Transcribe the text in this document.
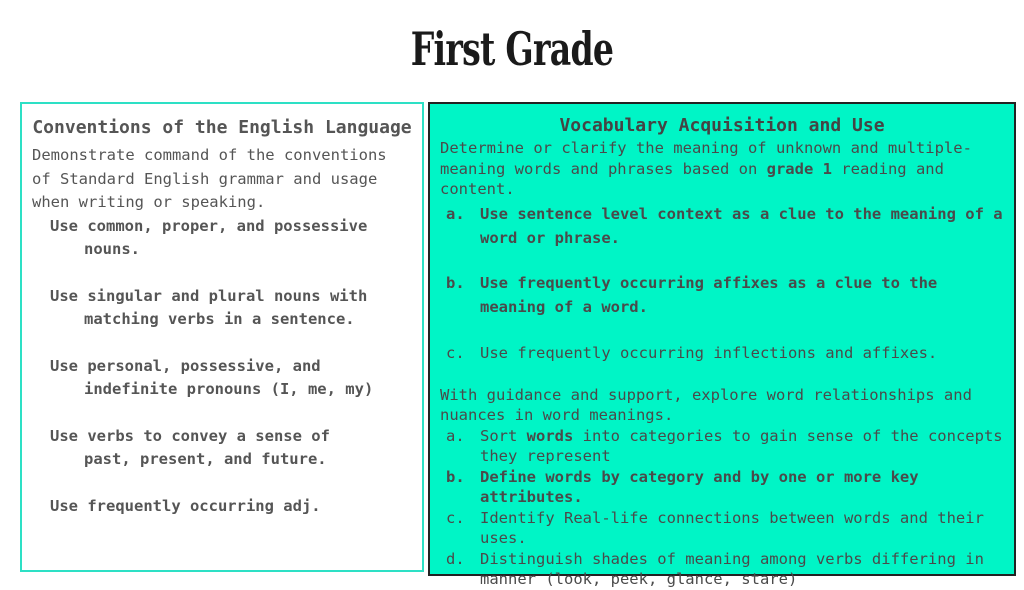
First Grade
Conventions of the English Language
Demonstrate command of the conventions of Standard English grammar and usage when writing or speaking.
Use common, proper, and possessive
nouns.
Use singular and plural nouns with
matching verbs in a sentence.
Use personal, possessive, and
indefinite pronouns (I, me, my)
Use verbs to convey a sense of
past, present, and future.
Use frequently occurring adj.
Vocabulary Acquisition and Use
Determine or clarify the meaning of unknown and multiple-meaning words and phrases based on grade 1 reading and content.
a. Use sentence level context as a clue to the meaning of a word or phrase.
b. Use frequently occurring affixes as a clue to the meaning of a word.
c. Use frequently occurring inflections and affixes.
With guidance and support, explore word relationships and nuances in word meanings.
a. Sort words into categories to gain sense of the concepts they represent
b. Define words by category and by one or more key attributes.
c. Identify Real-life connections between words and their uses.
d. Distinguish shades of meaning among verbs differing in manner (look, peek, glance, stare)
